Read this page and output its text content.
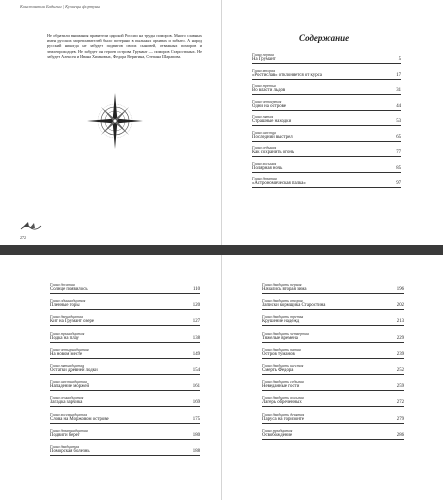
Константин Бадигин | Кузнецы фортуны
Не обратили внимания правители царской России на труды поморов. Много славных имен русских мореплавателей было потеряно в пыльных архивах и забыто. А народ русский никогда не забудет подвигов своих сыновей, отважных поморов и землепроходцев. Не забудет он героев острова Грумант — поморов Старостиных. Не забудет Алексея и Ивана Химковых, Федора Веригина, Степана Шарапова.
272
Содержание
Глава первая
На Грумант	5
Глава вторая
«Ростислав» отклоняется от курса	17
Глава третья
Во власти льдов	31
Глава четвертая
Одни на острове	44
Глава пятая
Страшные находки	53
Глава шестая
Последний выстрел	65
Глава седьмая
Как сохранить огонь	77
Глава восьмая
Полярная ночь	85
Глава девятая
«Астрономическая палка»	97
Глава десятая
Солнце появилось	110
Глава одиннадцатая
Пленные горы	120
Глава двенадцатая
Кит на Грумант озере	127
Глава тринадцатая
Подка на плау	138
Глава четырнадцатая
На новом месте	149
Глава пятнадцатая
Остатки древней лодки	154
Глава шестнадцатая
Нападение моржей	161
Глава семнадцатая
Загадка зарчика	169
Глава восемнадцатая
Слова на Моржовом острове	175
Глава девятнадцатая
Подвиги берег	180
Глава двадцатая
Поморская болезнь	188
Глава двадцать первая
Начались вторая зима	196
Глава двадцать вторая
Записки кормщика Старостина	202
Глава двадцать третья
Крушение надежд	213
Глава двадцать четвертая
Тяжелые времена	229
Глава двадцать пятая
Остров туманов	239
Глава двадцать шестая
Смерть Федора	252
Глава двадцать седьмая
Неведанные гости	259
Глава двадцать восьмая
Лагерь обреченных	272
Глава двадцать девятая
Паруса на горизонте	279
Глава тридцатая
Освобождение	286
